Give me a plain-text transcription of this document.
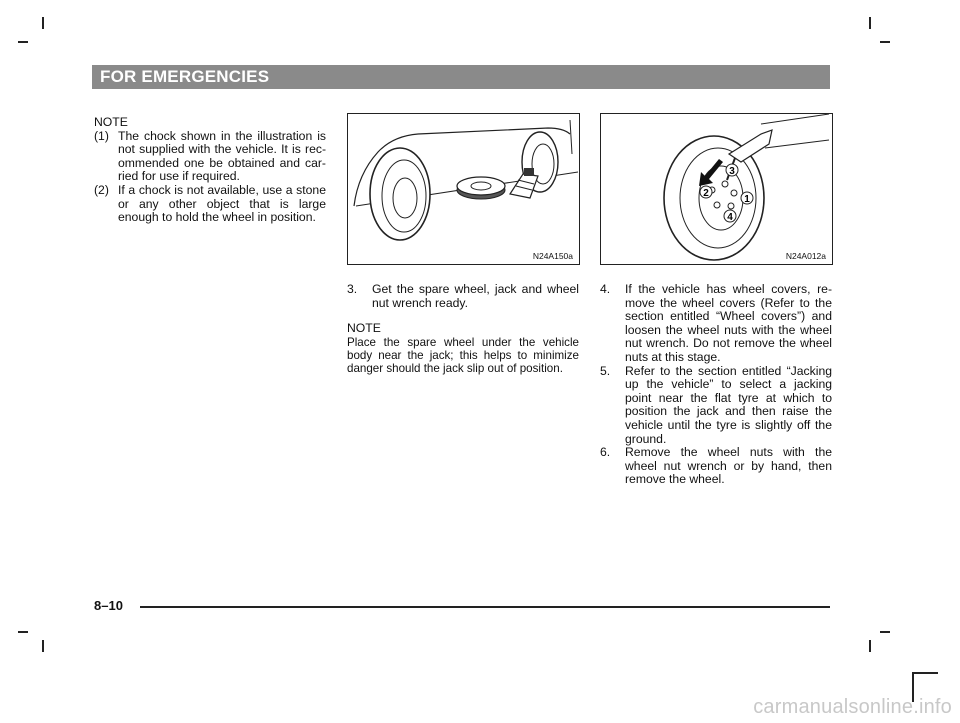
FOR EMERGENCIES

NOTE

(1) The chock shown in the illustration is not supplied with the vehicle. It is rec-ommended one be obtained and car-ried for use if required.

(2) If a chock is not available, use a stone or any other object that is large enough to hold the wheel in position.

N24A150a
3
2
1
4
N24A012a

3. Get the spare wheel, jack and wheel nut wrench ready.

NOTE

Place the spare wheel under the vehicle body near the jack; this helps to minimize danger should the jack slip out of position.

4. If the vehicle has wheel covers, re-move the wheel covers (Refer to the section entitled “Wheel covers”) and loosen the wheel nuts with the wheel nut wrench. Do not remove the wheel nuts at this stage.

5. Refer to the section entitled “Jacking up the vehicle” to select a jacking point near the flat tyre at which to position the jack and then raise the vehicle until the tyre is slightly off the ground.

6. Remove the wheel nuts with the wheel nut wrench or by hand, then remove the wheel.

8–10
carmanualsonline.info
